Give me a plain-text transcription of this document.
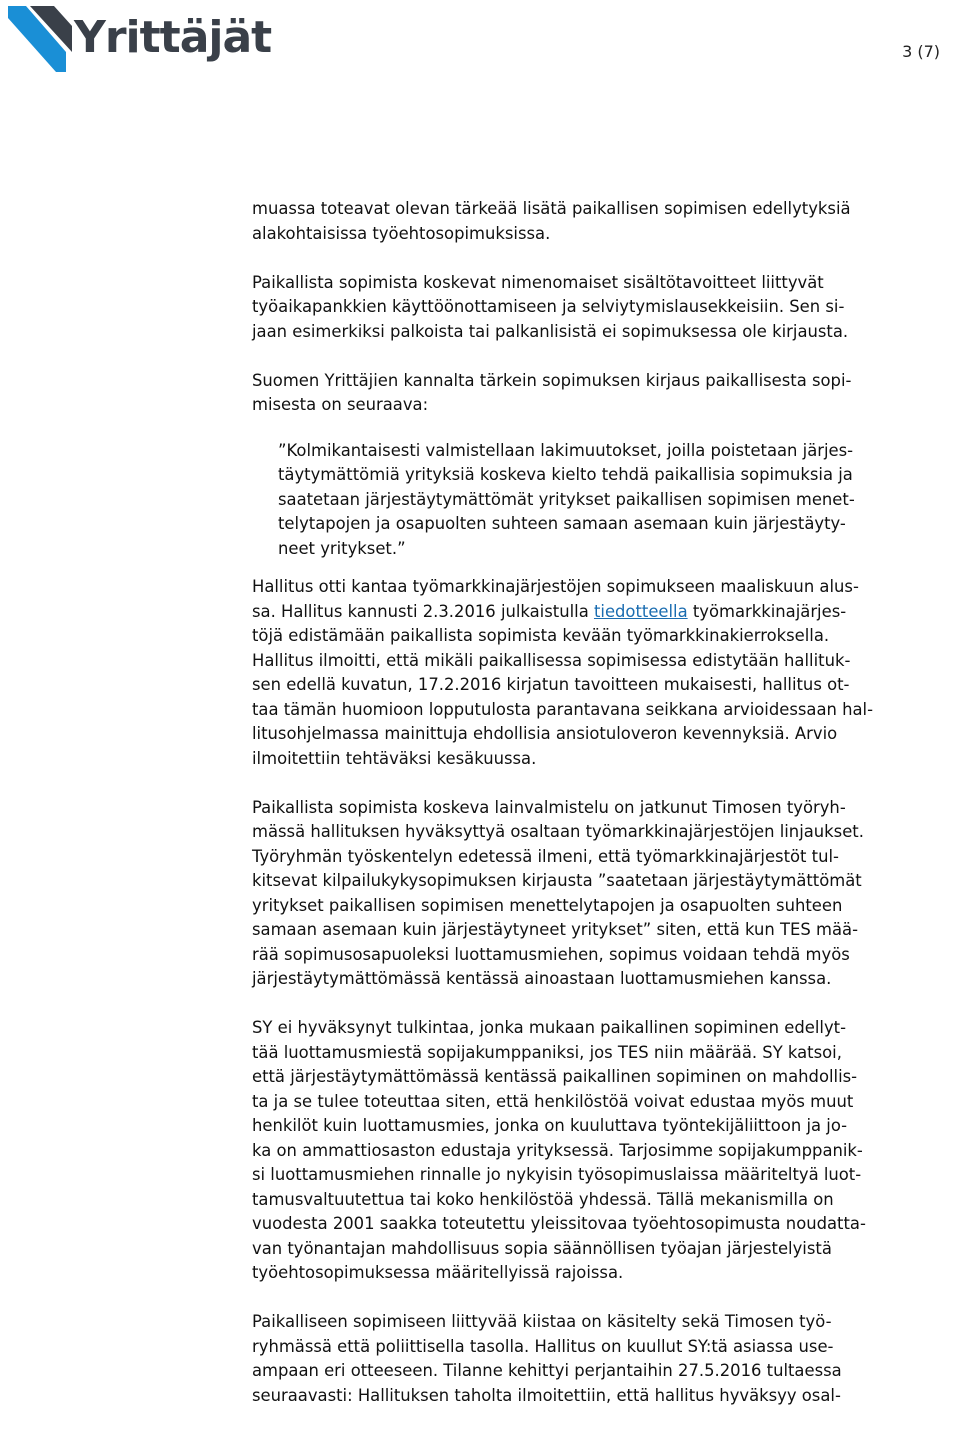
Yrittäjät	3 (7)

muassa toteavat olevan tärkeää lisätä paikallisen sopimisen edellytyksiä
alakohtaisissa työehtosopimuksissa.

Paikallista sopimista koskevat nimenomaiset sisältötavoitteet liittyvät
työaikapankkien käyttöönottamiseen ja selviytymislausekkeisiin. Sen si-
jaan esimerkiksi palkoista tai palkanlisistä ei sopimuksessa ole kirjausta.

Suomen Yrittäjien kannalta tärkein sopimuksen kirjaus paikallisesta sopi-
misesta on seuraava:

”Kolmikantaisesti valmistellaan lakimuutokset, joilla poistetaan järjes-
täytymättömiä yrityksiä koskeva kielto tehdä paikallisia sopimuksia ja
saatetaan järjestäytymättömät yritykset paikallisen sopimisen menet-
telytapojen ja osapuolten suhteen samaan asemaan kuin järjestäyty-
neet yritykset.”

Hallitus otti kantaa työmarkkinajärjestöjen sopimukseen maaliskuun alus-
sa. Hallitus kannusti 2.3.2016 julkaistulla tiedotteella työmarkkinajärjes-
töjä edistämään paikallista sopimista kevään työmarkkinakierroksella.
Hallitus ilmoitti, että mikäli paikallisessa sopimisessa edistytään hallituk-
sen edellä kuvatun, 17.2.2016 kirjatun tavoitteen mukaisesti, hallitus ot-
taa tämän huomioon lopputulosta parantavana seikkana arvioidessaan hal-
litusohjelmassa mainittuja ehdollisia ansiotuloveron kevennyksiä. Arvio
ilmoitettiin tehtäväksi kesäkuussa.

Paikallista sopimista koskeva lainvalmistelu on jatkunut Timosen työryh-
mässä hallituksen hyväksyttyä osaltaan työmarkkinajärjestöjen linjaukset.
Työryhmän työskentelyn edetessä ilmeni, että työmarkkinajärjestöt tul-
kitsevat kilpailukykysopimuksen kirjausta ”saatetaan järjestäytymättömät
yritykset paikallisen sopimisen menettelytapojen ja osapuolten suhteen
samaan asemaan kuin järjestäytyneet yritykset” siten, että kun TES mää-
rää sopimusosapuoleksi luottamusmiehen, sopimus voidaan tehdä myös
järjestäytymättömässä kentässä ainoastaan luottamusmiehen kanssa.

SY ei hyväksynyt tulkintaa, jonka mukaan paikallinen sopiminen edellyt-
tää luottamusmiestä sopijakumppaniksi, jos TES niin määrää. SY katsoi,
että järjestäytymättömässä kentässä paikallinen sopiminen on mahdollis-
ta ja se tulee toteuttaa siten, että henkilöstöä voivat edustaa myös muut
henkilöt kuin luottamusmies, jonka on kuuluttava työntekijäliittoon ja jo-
ka on ammattiosaston edustaja yrityksessä. Tarjosimme sopijakumppanik-
si luottamusmiehen rinnalle jo nykyisin työsopimuslaissa määriteltyä luot-
tamusvaltuutettua tai koko henkilöstöä yhdessä. Tällä mekanismilla on
vuodesta 2001 saakka toteutettu yleissitovaa työehtosopimusta noudatta-
van työnantajan mahdollisuus sopia säännöllisen työajan järjestelyistä
työehtosopimuksessa määritellyissä rajoissa.

Paikalliseen sopimiseen liittyvää kiistaa on käsitelty sekä Timosen työ-
ryhmässä että poliittisella tasolla. Hallitus on kuullut SY:tä asiassa use-
ampaan eri otteeseen. Tilanne kehittyi perjantaihin 27.5.2016 tultaessa
seuraavasti: Hallituksen taholta ilmoitettiin, että hallitus hyväksyy osal-
